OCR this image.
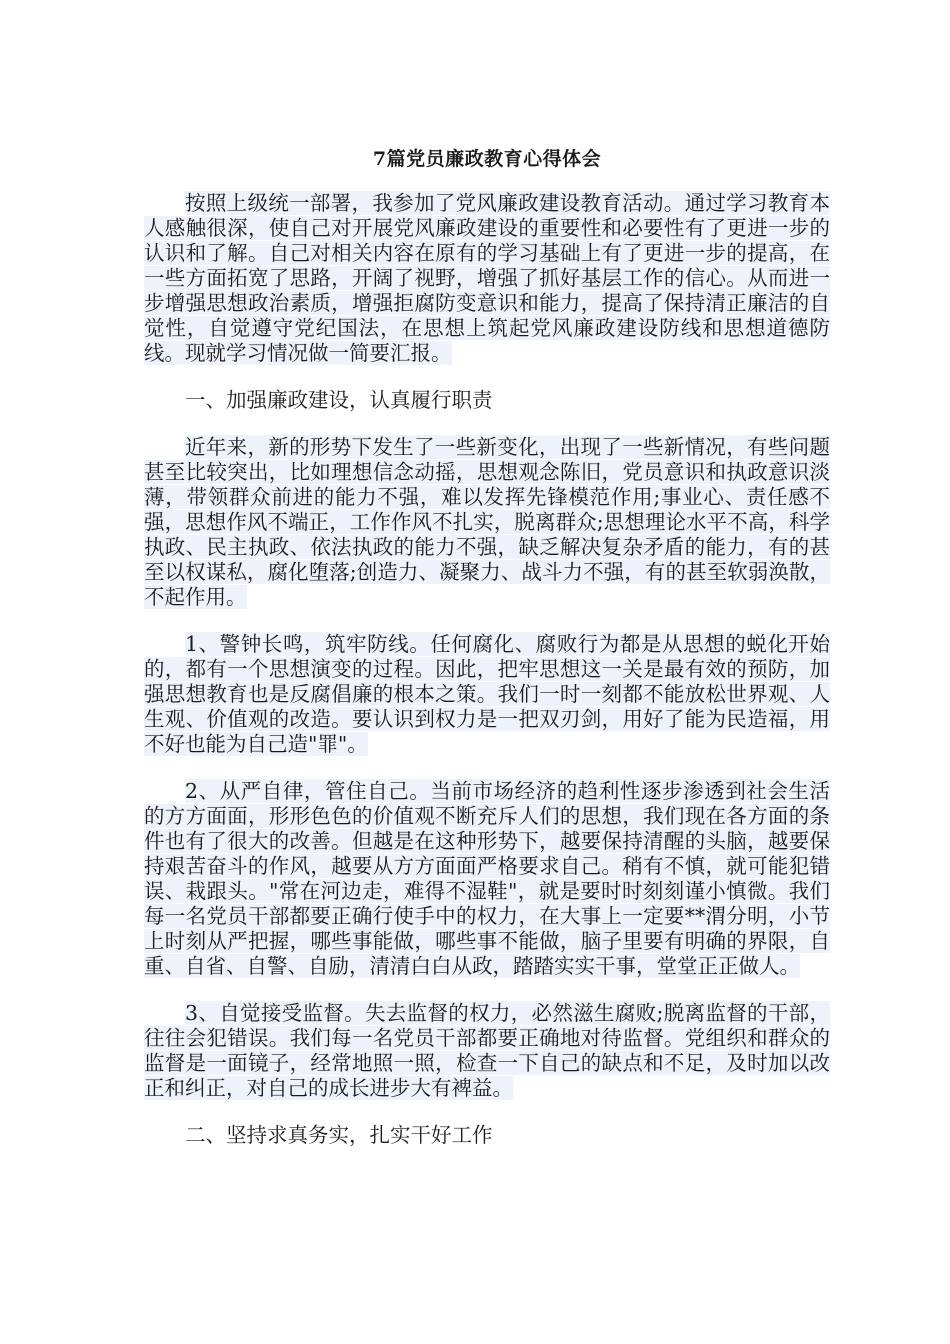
7篇党员廉政教育心得体会

按照上级统一部署，我参加了党风廉政建设教育活动。通过学习教育本人感触很深，使自己对开展党风廉政建设的重要性和必要性有了更进一步的认识和了解。自己对相关内容在原有的学习基础上有了更进一步的提高，在一些方面拓宽了思路，开阔了视野，增强了抓好基层工作的信心。从而进一步增强思想政治素质，增强拒腐防变意识和能力，提高了保持清正廉洁的自觉性，自觉遵守党纪国法，在思想上筑起党风廉政建设防线和思想道德防线。现就学习情况做一简要汇报。

一、加强廉政建设，认真履行职责

近年来，新的形势下发生了一些新变化，出现了一些新情况，有些问题甚至比较突出，比如理想信念动摇，思想观念陈旧，党员意识和执政意识淡薄，带领群众前进的能力不强，难以发挥先锋模范作用;事业心、责任感不强，思想作风不端正，工作作风不扎实，脱离群众;思想理论水平不高，科学执政、民主执政、依法执政的能力不强，缺乏解决复杂矛盾的能力，有的甚至以权谋私，腐化堕落;创造力、凝聚力、战斗力不强，有的甚至软弱涣散，不起作用。

1、警钟长鸣，筑牢防线。任何腐化、腐败行为都是从思想的蜕化开始的，都有一个思想演变的过程。因此，把牢思想这一关是最有效的预防，加强思想教育也是反腐倡廉的根本之策。我们一时一刻都不能放松世界观、人生观、价值观的改造。要认识到权力是一把双刃剑，用好了能为民造福，用不好也能为自己造"罪"。

2、从严自律，管住自己。当前市场经济的趋利性逐步渗透到社会生活的方方面面，形形色色的价值观不断充斥人们的思想，我们现在各方面的条件也有了很大的改善。但越是在这种形势下，越要保持清醒的头脑，越要保持艰苦奋斗的作风，越要从方方面面严格要求自己。稍有不慎，就可能犯错误、栽跟头。"常在河边走，难得不湿鞋"，就是要时时刻刻谨小慎微。我们每一名党员干部都要正确行使手中的权力，在大事上一定要**渭分明，小节上时刻从严把握，哪些事能做，哪些事不能做，脑子里要有明确的界限，自重、自省、自警、自励，清清白白从政，踏踏实实干事，堂堂正正做人。

3、自觉接受监督。失去监督的权力，必然滋生腐败;脱离监督的干部，往往会犯错误。我们每一名党员干部都要正确地对待监督。党组织和群众的监督是一面镜子，经常地照一照，检查一下自己的缺点和不足，及时加以改正和纠正，对自己的成长进步大有裨益。

二、坚持求真务实，扎实干好工作
